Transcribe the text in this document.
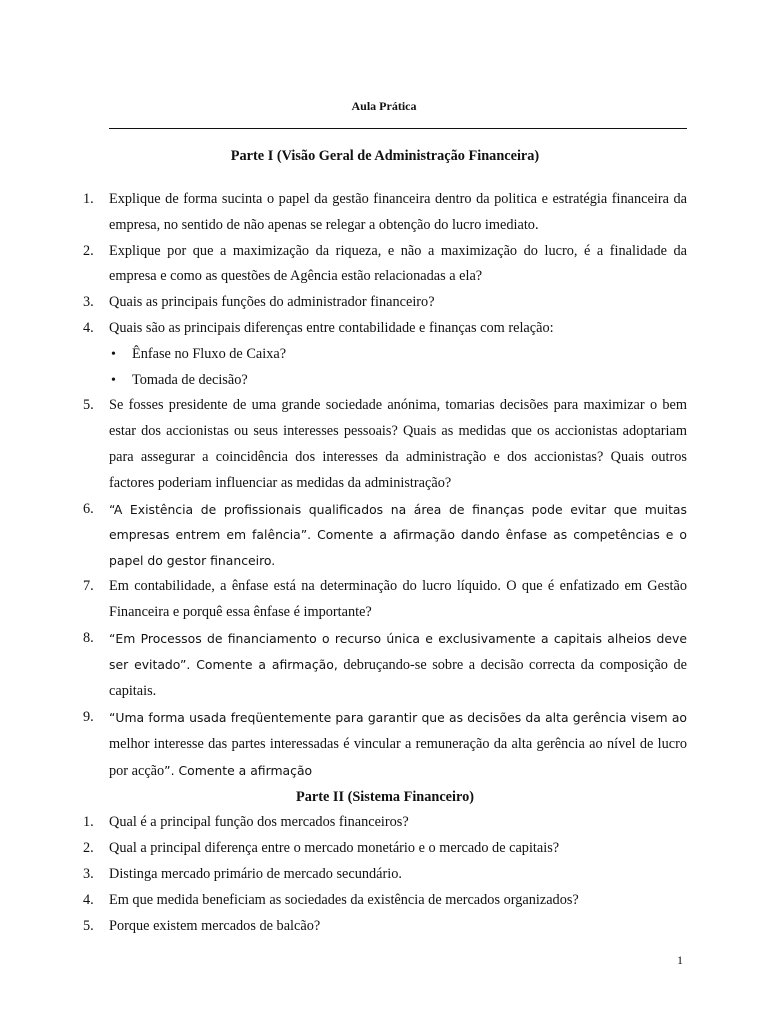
Aula Prática
Parte I (Visão Geral de Administração Financeira)
1. Explique de forma sucinta o papel da gestão financeira dentro da politica e estratégia financeira da empresa, no sentido de não apenas se relegar a obtenção do lucro imediato.
2. Explique por que a maximização da riqueza, e não a maximização do lucro, é a finalidade da empresa e como as questões de Agência estão relacionadas a ela?
3. Quais as principais funções do administrador financeiro?
4. Quais são as principais diferenças entre contabilidade e finanças com relação:
• Ênfase no Fluxo de Caixa?
• Tomada de decisão?
5. Se fosses presidente de uma grande sociedade anónima, tomarias decisões para maximizar o bem estar dos accionistas ou seus interesses pessoais? Quais as medidas que os accionistas adoptariam para assegurar a coincidência dos interesses da administração e dos accionistas? Quais outros factores poderiam influenciar as medidas da administração?
6. “A Existência de profissionais qualificados na área de finanças pode evitar que muitas empresas entrem em falência”. Comente a afirmação dando ênfase as competências e o papel do gestor financeiro.
7. Em contabilidade, a ênfase está na determinação do lucro líquido. O que é enfatizado em Gestão Financeira e porquê essa ênfase é importante?
8. “Em Processos de financiamento o recurso única e exclusivamente a capitais alheios deve ser evitado”. Comente a afirmação, debruçando-se sobre a decisão correcta da composição de capitais.
9. “Uma forma usada freqüentemente para garantir que as decisões da alta gerência visem ao melhor interesse das partes interessadas é vincular a remuneração da alta gerência ao nível de lucro por acção”. Comente a afirmação
Parte II (Sistema Financeiro)
1. Qual é a principal função dos mercados financeiros?
2. Qual a principal diferença entre o mercado monetário e o mercado de capitais?
3. Distinga mercado primário de mercado secundário.
4. Em que medida beneficiam as sociedades da existência de mercados organizados?
5. Porque existem mercados de balcão?
1
